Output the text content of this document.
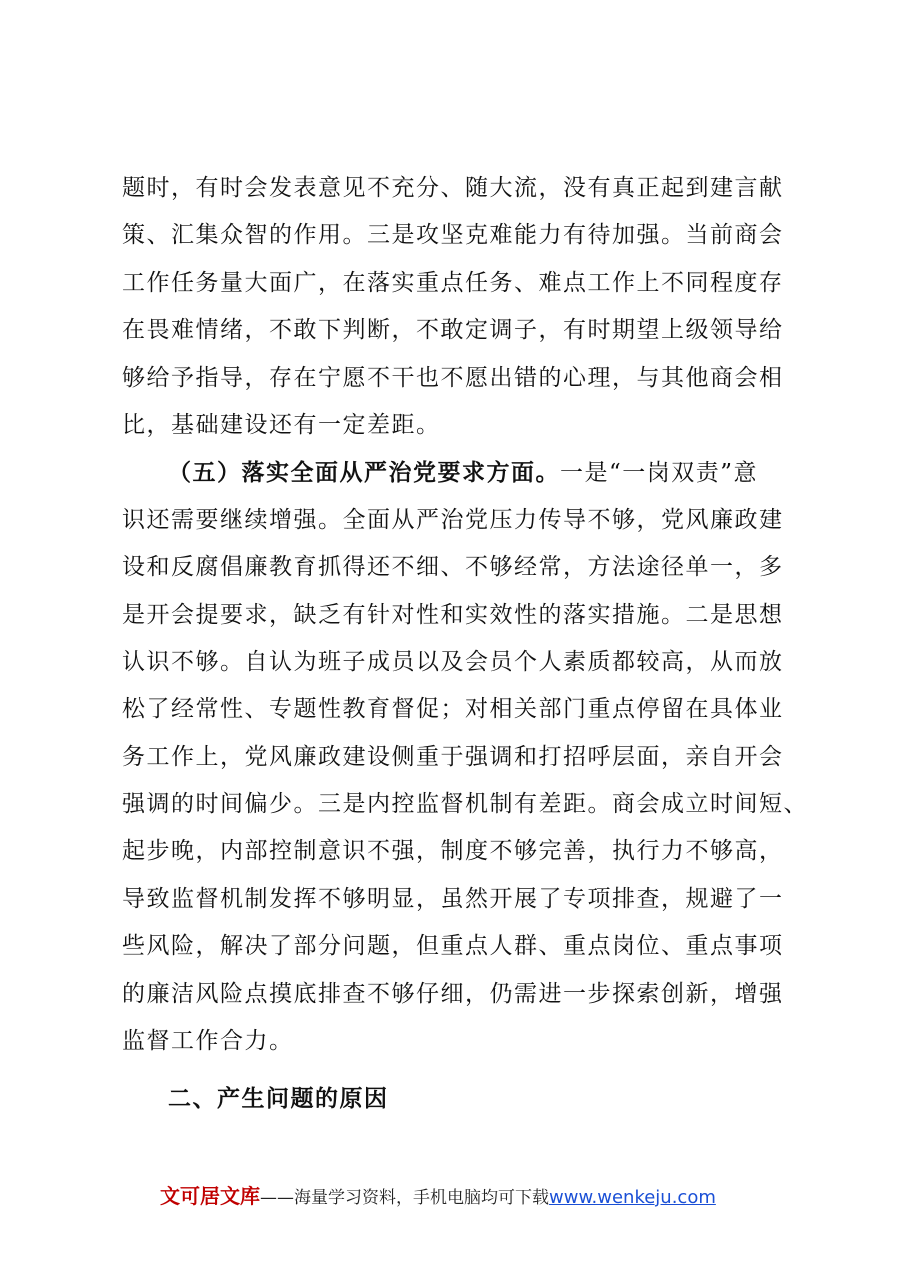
题时，有时会发表意见不充分、随大流，没有真正起到建言献
策、汇集众智的作用。三是攻坚克难能力有待加强。当前商会
工作任务量大面广，在落实重点任务、难点工作上不同程度存
在畏难情绪，不敢下判断，不敢定调子，有时期望上级领导给
够给予指导，存在宁愿不干也不愿出错的心理，与其他商会相
比，基础建设还有一定差距。
（五）落实全面从严治党要求方面。一是“一岗双责”意
识还需要继续增强。全面从严治党压力传导不够，党风廉政建
设和反腐倡廉教育抓得还不细、不够经常，方法途径单一，多
是开会提要求，缺乏有针对性和实效性的落实措施。二是思想
认识不够。自认为班子成员以及会员个人素质都较高，从而放
松了经常性、专题性教育督促；对相关部门重点停留在具体业
务工作上，党风廉政建设侧重于强调和打招呼层面，亲自开会
强调的时间偏少。三是内控监督机制有差距。商会成立时间短、
起步晚，内部控制意识不强，制度不够完善，执行力不够高，
导致监督机制发挥不够明显，虽然开展了专项排查，规避了一
些风险，解决了部分问题，但重点人群、重点岗位、重点事项
的廉洁风险点摸底排查不够仔细，仍需进一步探索创新，增强
监督工作合力。
二、产生问题的原因
文可居文库——海量学习资料，手机电脑均可下载www.wenkeju.com
